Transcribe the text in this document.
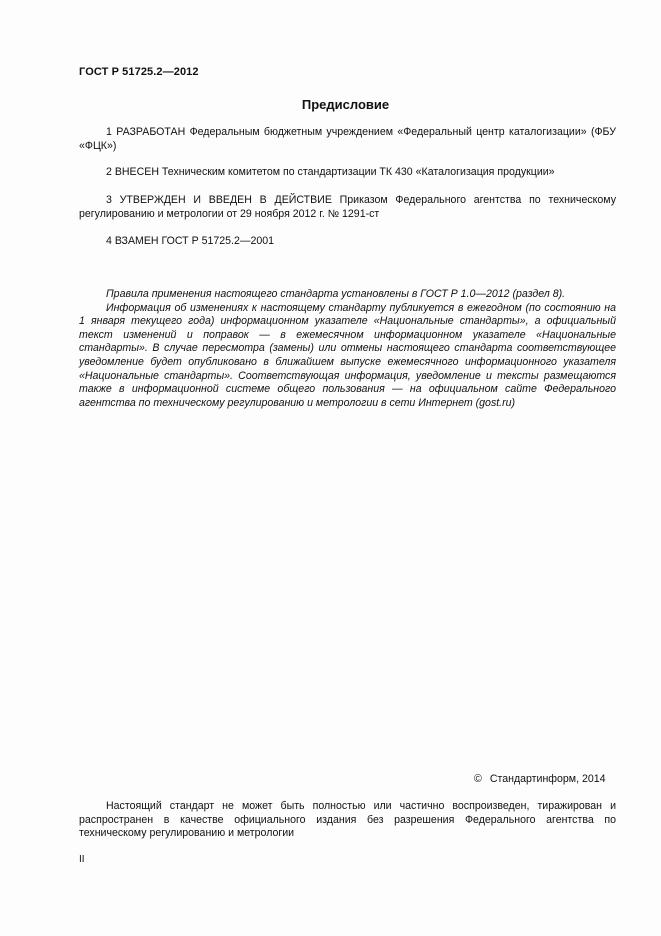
ГОСТ Р 51725.2—2012
Предисловие
1 РАЗРАБОТАН Федеральным бюджетным учреждением «Федеральный центр каталогизации» (ФБУ «ФЦК»)
2 ВНЕСЕН Техническим комитетом по стандартизации ТК 430 «Каталогизация продукции»
3 УТВЕРЖДЕН И ВВЕДЕН В ДЕЙСТВИЕ Приказом Федерального агентства по техническому регулированию и метрологии от 29 ноября 2012 г. № 1291-ст
4 ВЗАМЕН ГОСТ Р 51725.2—2001

Правила применения настоящего стандарта установлены в ГОСТ Р 1.0—2012 (раздел 8).

Информация об изменениях к настоящему стандарту публикуется в ежегодном (по состоянию на 1 января текущего года) информационном указателе «Национальные стандарты», а официальный текст изменений и поправок — в ежемесячном информационном указателе «Национальные стандарты». В случае пересмотра (замены) или отмены настоящего стандарта соответствующее уведомление будет опубликовано в ближайшем выпуске ежемесячного информационного указателя «Национальные стандарты». Соответствующая информация, уведомление и тексты размещаются также в информационной системе общего пользования — на официальном сайте Федерального агентства по техническому регулированию и метрологии в сети Интернет (gost.ru)

© Стандартинформ, 2014
Настоящий стандарт не может быть полностью или частично воспроизведен, тиражирован и распространен в качестве официального издания без разрешения Федерального агентства по техническому регулированию и метрологии
II
